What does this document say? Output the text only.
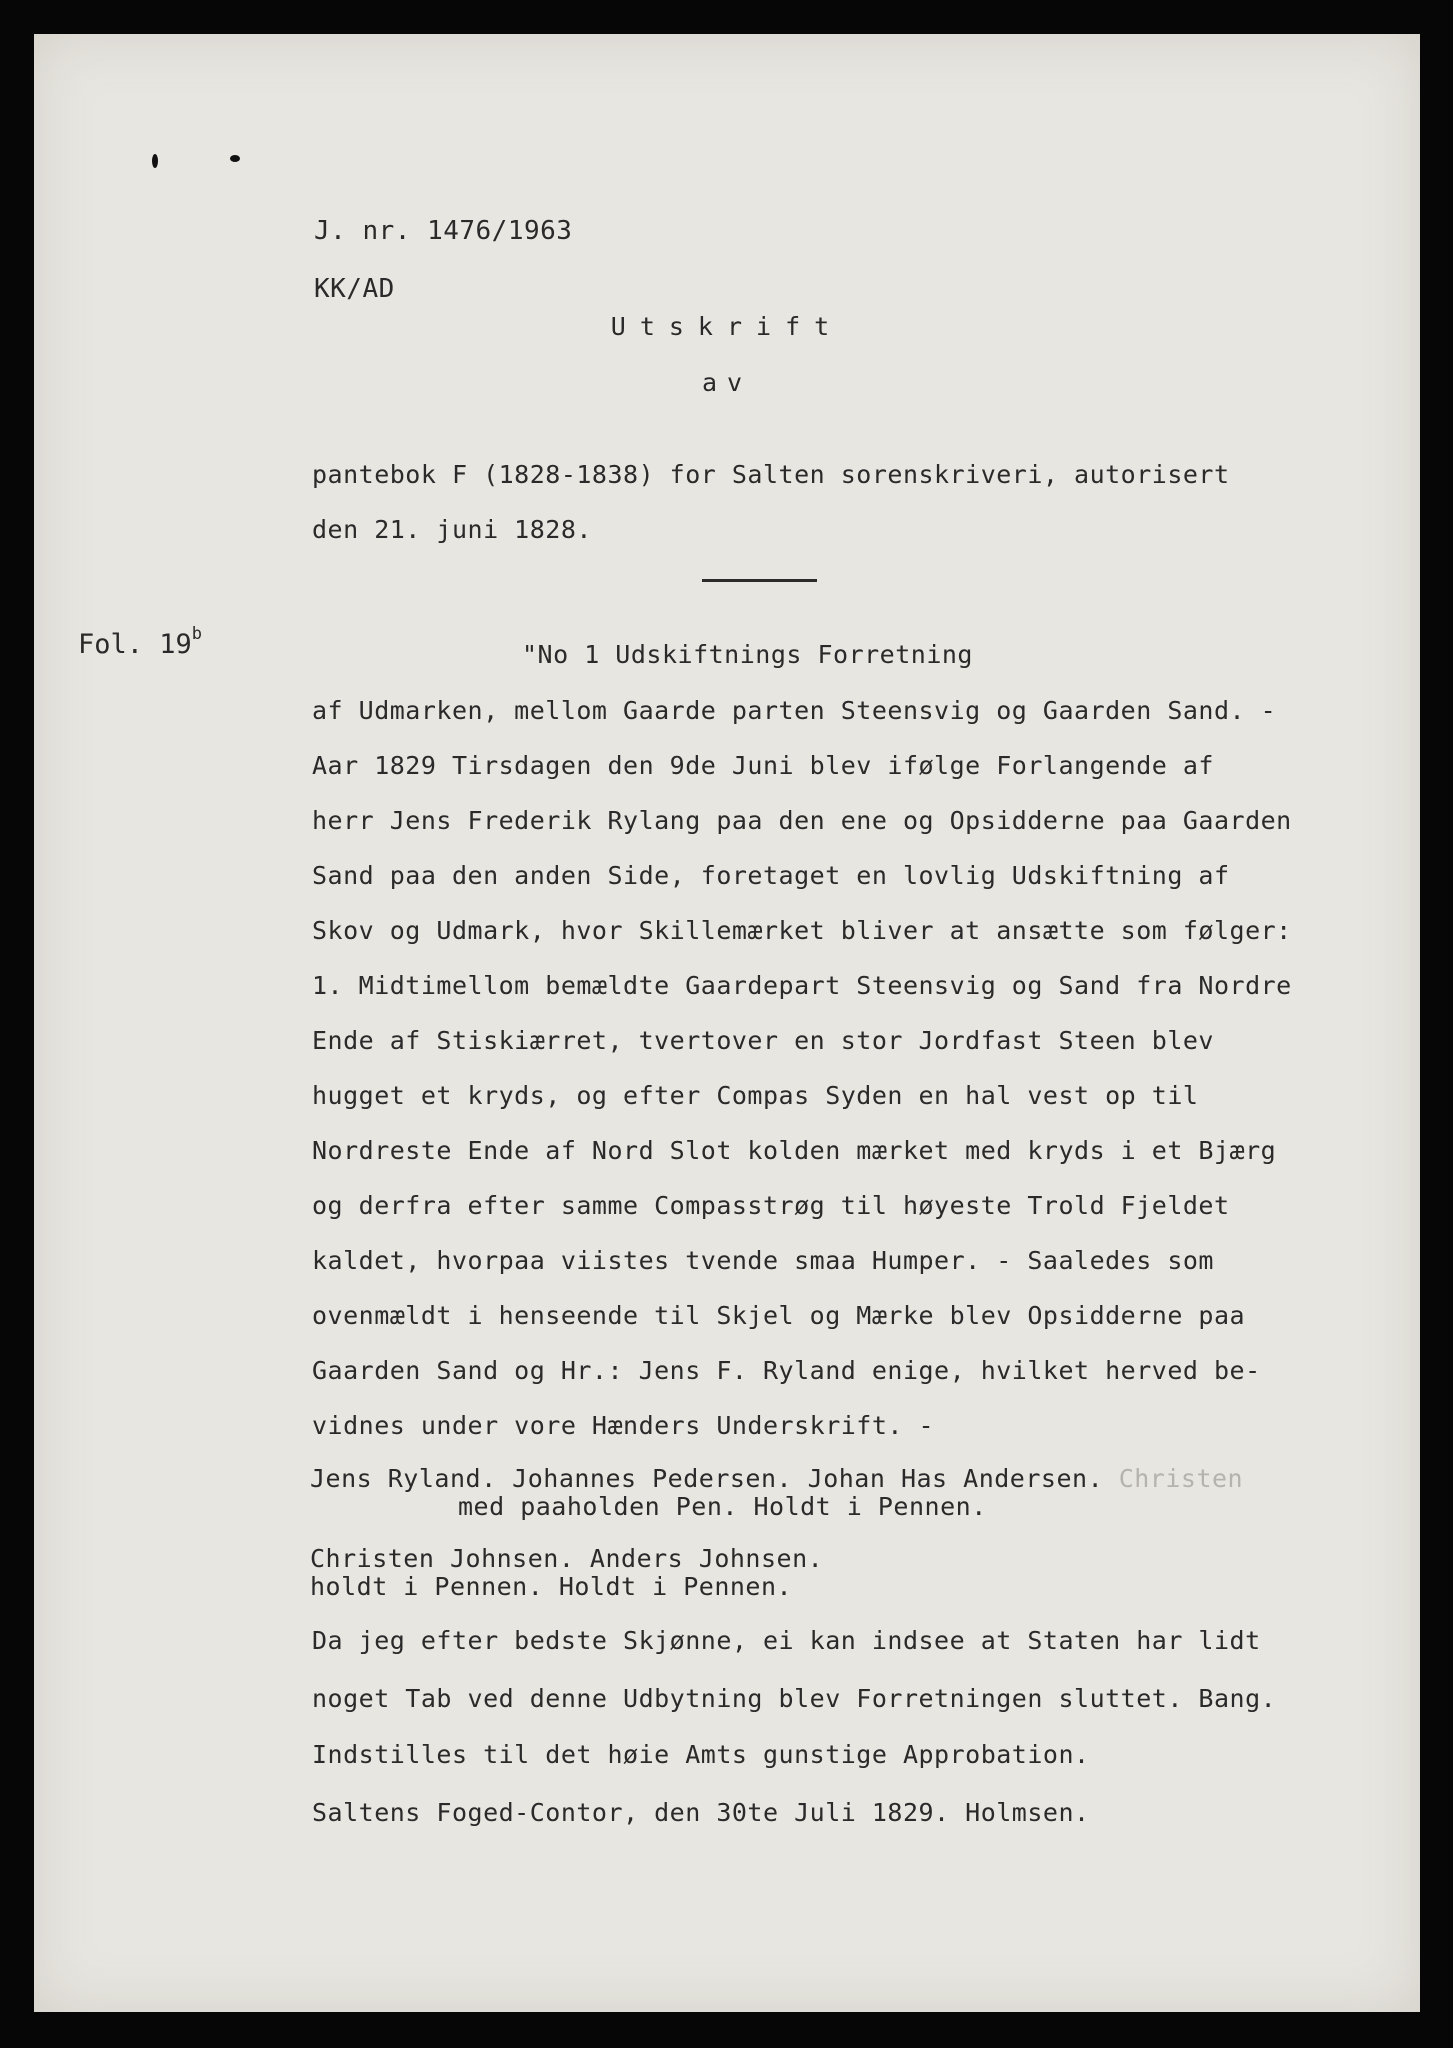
J. nr. 1476/1963
KK/AD
Utskrift
av
pantebok F (1828-1838) for Salten sorenskriveri, autorisert
den 21. juni 1828.
Fol. 19$^b$
"No 1 Udskiftnings Forretning
af Udmarken, mellom Gaarde parten Steensvig og Gaarden Sand. -
Aar 1829 Tirsdagen den 9de Juni blev ifølge Forlangende af
herr Jens Frederik Rylang paa den ene og Opsidderne paa Gaarden
Sand paa den anden Side, foretaget en lovlig Udskiftning af
Skov og Udmark, hvor Skillemærket bliver at ansætte som følger:
1. Midtimellom bemældte Gaardepart Steensvig og Sand fra Nordre
Ende af Stiskiærret, tvertover en stor Jordfast Steen blev
hugget et kryds, og efter Compas Syden en hal vest op til
Nordreste Ende af Nord Slot kolden mærket med kryds i et Bjærg
og derfra efter samme Compasstrøg til høyeste Trold Fjeldet
kaldet, hvorpaa viistes tvende smaa Humper. - Saaledes som
ovenmældt i henseende til Skjel og Mærke blev Opsidderne paa
Gaarden Sand og Hr.: Jens F. Ryland enige, hvilket herved be-
vidnes under vore Hænders Underskrift. -
Jens Ryland. Johannes Pedersen. Johan Has Andersen. Christen
med paaholden Pen. Holdt i Pennen.
Christen Johnsen. Anders Johnsen.
holdt i Pennen. Holdt i Pennen.
Da jeg efter bedste Skjønne, ei kan indsee at Staten har lidt
noget Tab ved denne Udbytning blev Forretningen sluttet. Bang.
Indstilles til det høie Amts gunstige Approbation.
Saltens Foged-Contor, den 30te Juli 1829. Holmsen.
